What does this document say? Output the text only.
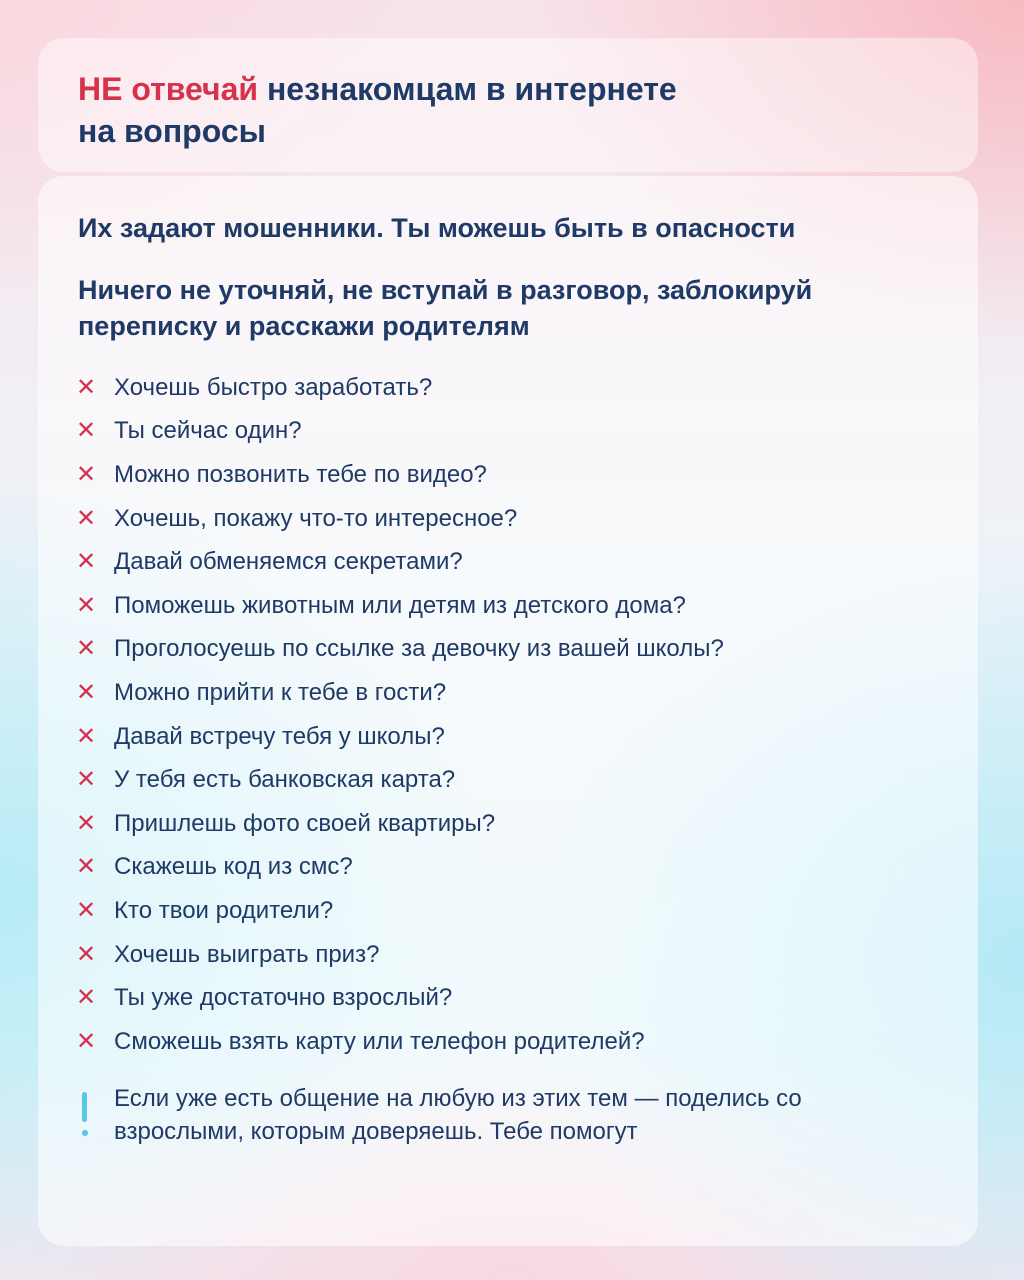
НЕ отвечай незнакомцам в интернете
на вопросы

Их задают мошенники. Ты можешь быть в опасности

Ничего не уточняй, не вступай в разговор, заблокируй переписку и расскажи родителям

✕ Хочешь быстро заработать?
✕ Ты сейчас один?
✕ Можно позвонить тебе по видео?
✕ Хочешь, покажу что-то интересное?
✕ Давай обменяемся секретами?
✕ Поможешь животным или детям из детского дома?
✕ Проголосуешь по ссылке за девочку из вашей школы?
✕ Можно прийти к тебе в гости?
✕ Давай встречу тебя у школы?
✕ У тебя есть банковская карта?
✕ Пришлешь фото своей квартиры?
✕ Скажешь код из смс?
✕ Кто твои родители?
✕ Хочешь выиграть приз?
✕ Ты уже достаточно взрослый?
✕ Сможешь взять карту или телефон родителей?

Если уже есть общение на любую из этих тем — поделись со взрослыми, которым доверяешь. Тебе помогут
